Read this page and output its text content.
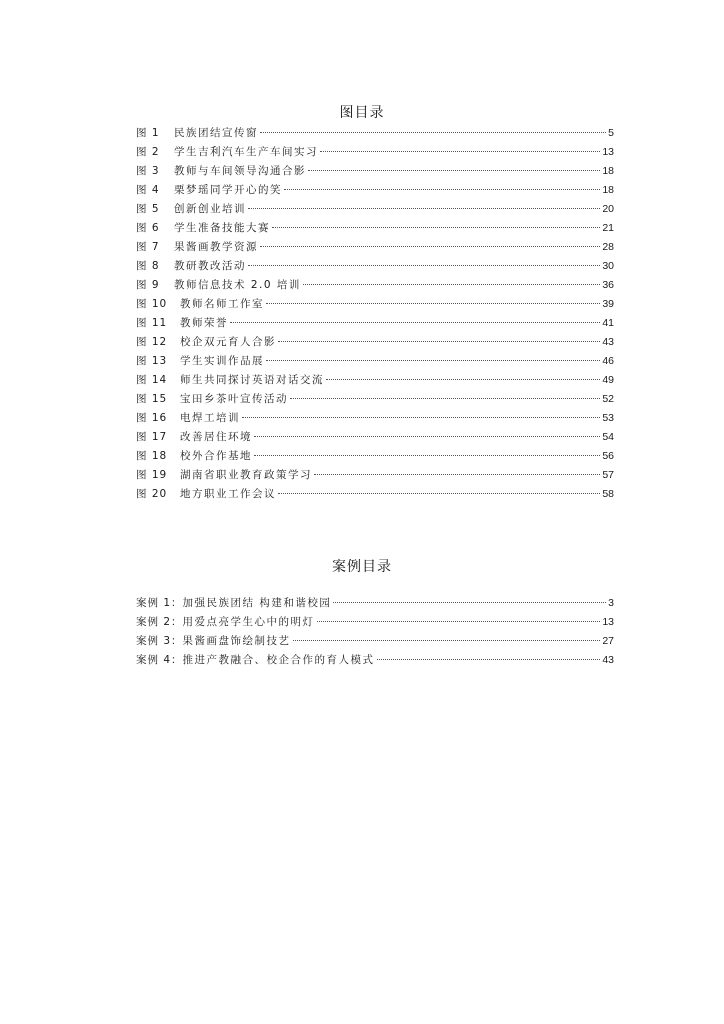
图目录
图 1	民族团结宣传窗	5
图 2	学生吉利汽车生产车间实习	13
图 3	教师与车间领导沟通合影	18
图 4	栗梦瑶同学开心的笑	18
图 5	创新创业培训	20
图 6	学生准备技能大赛	21
图 7	果酱画教学资源	28
图 8	教研教改活动	30
图 9	教师信息技术 2.0 培训	36
图 10	教师名师工作室	39
图 11	教师荣誉	41
图 12	校企双元育人合影	43
图 13	学生实训作品展	46
图 14	师生共同探讨英语对话交流	49
图 15	宝田乡茶叶宣传活动	52
图 16	电焊工培训	53
图 17	改善居住环境	54
图 18	校外合作基地	56
图 19	湖南省职业教育政策学习	57
图 20	地方职业工作会议	58
案例目录
案例 1： 加强民族团结 构建和谐校园	3
案例 2： 用爱点亮学生心中的明灯	13
案例 3： 果酱画盘饰绘制技艺	27
案例 4： 推进产教融合、校企合作的育人模式	43
